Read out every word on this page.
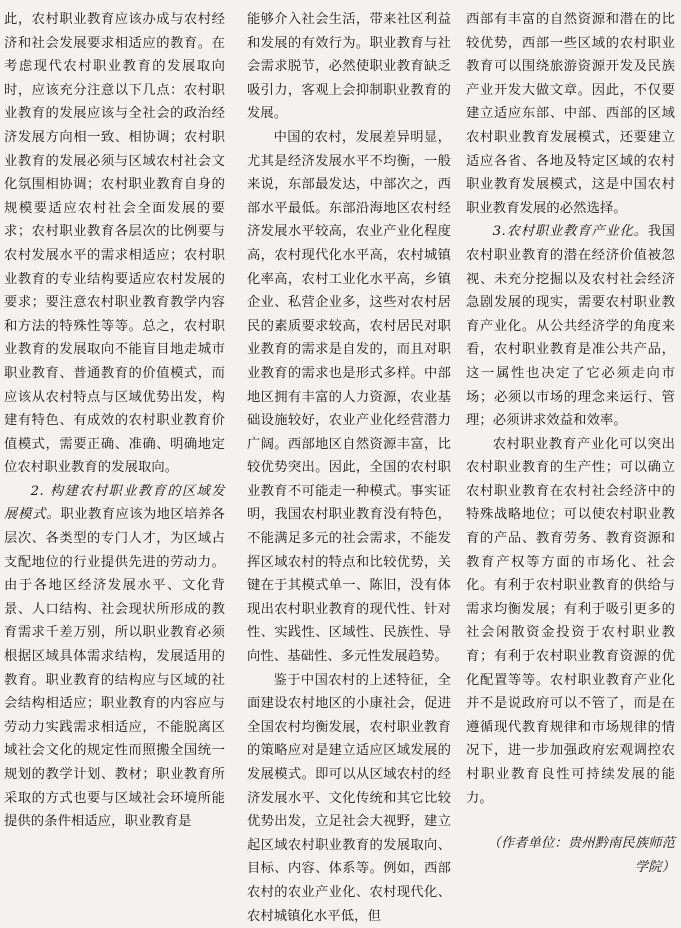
此，农村职业教育应该办成与农村经济和社会发展要求相适应的教育。在考虑现代农村职业教育的发展取向时，应该充分注意以下几点：农村职业教育的发展应该与全社会的政治经济发展方向相一致、相协调；农村职业教育的发展必须与区域农村社会文化氛围相协调；农村职业教育自身的规模要适应农村社会全面发展的要求；农村职业教育各层次的比例要与农村发展水平的需求相适应；农村职业教育的专业结构要适应农村发展的要求；要注意农村职业教育教学内容和方法的特殊性等等。总之，农村职业教育的发展取向不能盲目地走城市职业教育、普通教育的价值模式，而应该从农村特点与区域优势出发，构建有特色、有成效的农村职业教育价值模式，需要正确、准确、明确地定位农村职业教育的发展取向。

2. 构建农村职业教育的区域发展模式。职业教育应该为地区培养各层次、各类型的专门人才，为区域占支配地位的行业提供先进的劳动力。由于各地区经济发展水平、文化背景、人口结构、社会现状所形成的教育需求千差万别，所以职业教育必须根据区域具体需求结构，发展适用的教育。职业教育的结构应与区域的社会结构相适应；职业教育的内容应与劳动力实践需求相适应，不能脱离区域社会文化的规定性而照搬全国统一规划的教学计划、教材；职业教育所采取的方式也要与区域社会环境所能提供的条件相适应，职业教育是

能够介入社会生活，带来社区利益和发展的有效行为。职业教育与社会需求脱节，必然使职业教育缺乏吸引力，客观上会抑制职业教育的发展。

中国的农村，发展差异明显，尤其是经济发展水平不均衡，一般来说，东部最发达，中部次之，西部水平最低。东部沿海地区农村经济发展水平较高，农业产业化程度高，农村现代化水平高，农村城镇化率高，农村工业化水平高，乡镇企业、私营企业多，这些对农村居民的素质要求较高，农村居民对职业教育的需求是自发的，而且对职业教育的需求也是形式多样。中部地区拥有丰富的人力资源，农业基础设施较好，农业产业化经营潜力广阔。西部地区自然资源丰富，比较优势突出。因此，全国的农村职业教育不可能走一种模式。事实证明，我国农村职业教育没有特色，不能满足多元的社会需求，不能发挥区域农村的特点和比较优势，关键在于其模式单一、陈旧，没有体现出农村职业教育的现代性、针对性、实践性、区域性、民族性、导向性、基础性、多元性发展趋势。

鉴于中国农村的上述特征，全面建设农村地区的小康社会，促进全国农村均衡发展，农村职业教育的策略应对是建立适应区域发展的发展模式。即可以从区域农村的经济发展水平、文化传统和其它比较优势出发，立足社会大视野，建立起区域农村职业教育的发展取向、目标、内容、体系等。例如，西部农村的农业产业化、农村现代化、农村城镇化水平低，但

西部有丰富的自然资源和潜在的比较优势，西部一些区域的农村职业教育可以围绕旅游资源开发及民族产业开发大做文章。因此，不仅要建立适应东部、中部、西部的区域农村职业教育发展模式，还要建立适应各省、各地及特定区域的农村职业教育发展模式，这是中国农村职业教育发展的必然选择。

3.农村职业教育产业化。我国农村职业教育的潜在经济价值被忽视、未充分挖掘以及农村社会经济急剧发展的现实，需要农村职业教育产业化。从公共经济学的角度来看，农村职业教育是准公共产品，这一属性也决定了它必须走向市场；必须以市场的理念来运行、管理；必须讲求效益和效率。

农村职业教育产业化可以突出农村职业教育的生产性；可以确立农村职业教育在农村社会经济中的特殊战略地位；可以使农村职业教育的产品、教育劳务、教育资源和教育产权等方面的市场化、社会化。有利于农村职业教育的供给与需求均衡发展；有利于吸引更多的社会闲散资金投资于农村职业教育；有利于农村职业教育资源的优化配置等等。农村职业教育产业化并不是说政府可以不管了，而是在遵循现代教育规律和市场规律的情况下，进一步加强政府宏观调控农村职业教育良性可持续发展的能力。

（作者单位：贵州黔南民族师范学院）
